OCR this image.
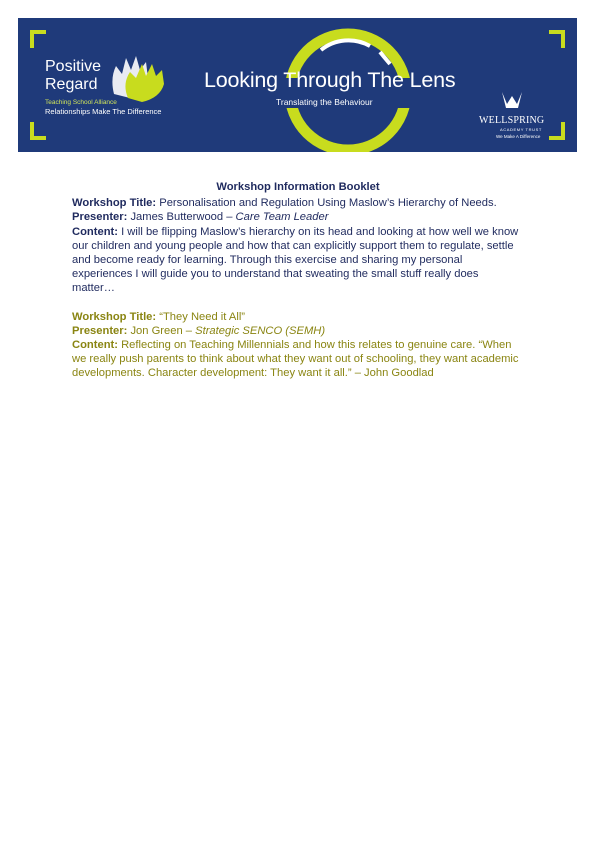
Positive Regard
Teaching School Alliance
Relationships Make The Difference
Looking Through The Lens
Translating the Behaviour
WELLSPRING
ACADEMY TRUST
We Make A Difference

Workshop Information Booklet

Workshop Title: Personalisation and Regulation Using Maslow’s Hierarchy of Needs.

Presenter: James Butterwood – Care Team Leader

Content: I will be flipping Maslow’s hierarchy on its head and looking at how well we know our children and young people and how that can explicitly support them to regulate, settle and become ready for learning. Through this exercise and sharing my personal experiences I will guide you to understand that sweating the small stuff really does matter…

Workshop Title: “They Need it All”

Presenter: Jon Green – Strategic SENCO (SEMH)

Content: Reflecting on Teaching Millennials and how this relates to genuine care. “When we really push parents to think about what they want out of schooling, they want academic developments. Character development: They want it all.” – John Goodlad
